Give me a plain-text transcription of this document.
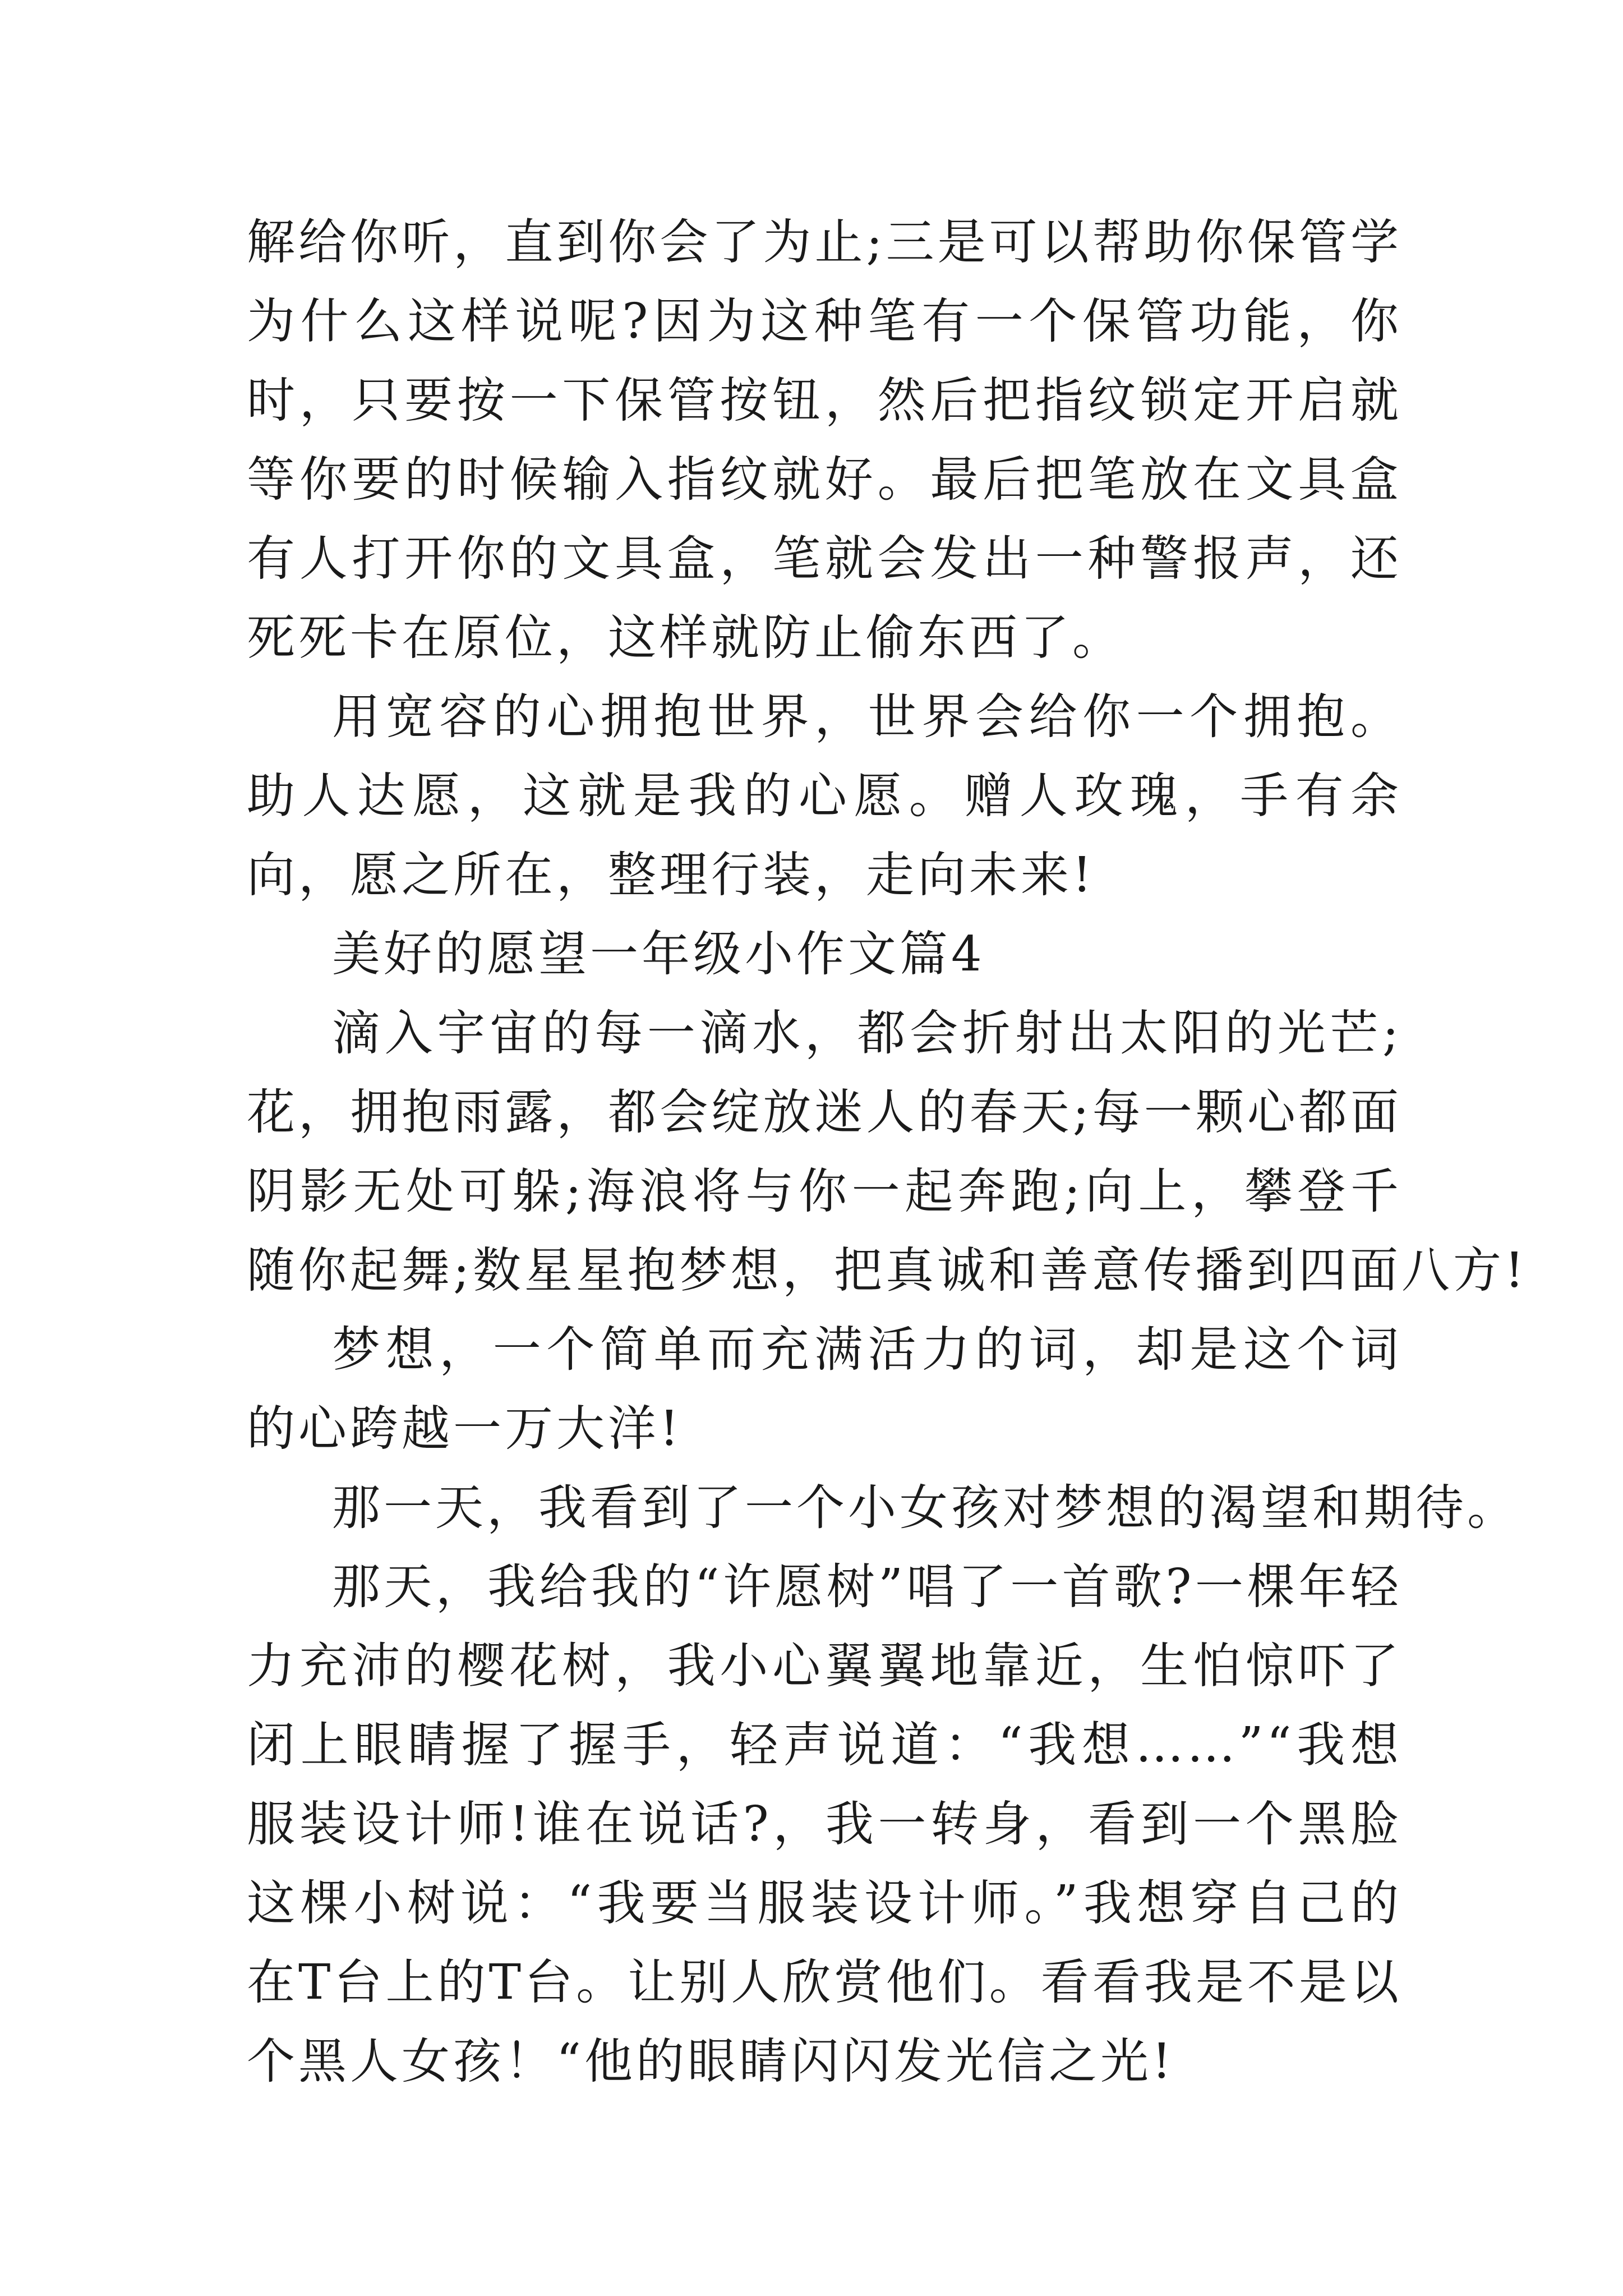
解给你听，直到你会了为止;三是可以帮助你保管学
为什么这样说呢?因为这种笔有一个保管功能，你
时，只要按一下保管按钮，然后把指纹锁定开启就
等你要的时候输入指纹就好。最后把笔放在文具盒
有人打开你的文具盒，笔就会发出一种警报声，还
死死卡在原位，这样就防止偷东西了。
用宽容的心拥抱世界，世界会给你一个拥抱。
助人达愿，这就是我的心愿。赠人玫瑰，手有余
向，愿之所在，整理行装，走向未来!
美好的愿望一年级小作文篇4
滴入宇宙的每一滴水，都会折射出太阳的光芒;
花，拥抱雨露，都会绽放迷人的春天;每一颗心都面
阴影无处可躲;海浪将与你一起奔跑;向上，攀登千
随你起舞;数星星抱梦想，把真诚和善意传播到四面八方!
梦想，一个简单而充满活力的词，却是这个词
的心跨越一万大洋!
那一天，我看到了一个小女孩对梦想的渴望和期待。
那天，我给我的“许愿树”唱了一首歌?一棵年轻
力充沛的樱花树，我小心翼翼地靠近，生怕惊吓了
闭上眼睛握了握手，轻声说道：“我想……”“我想
服装设计师!谁在说话?，我一转身，看到一个黑脸
这棵小树说：“我要当服装设计师。”我想穿自己的
在T台上的T台。让别人欣赏他们。看看我是不是以
个黑人女孩！“他的眼睛闪闪发光信之光!
